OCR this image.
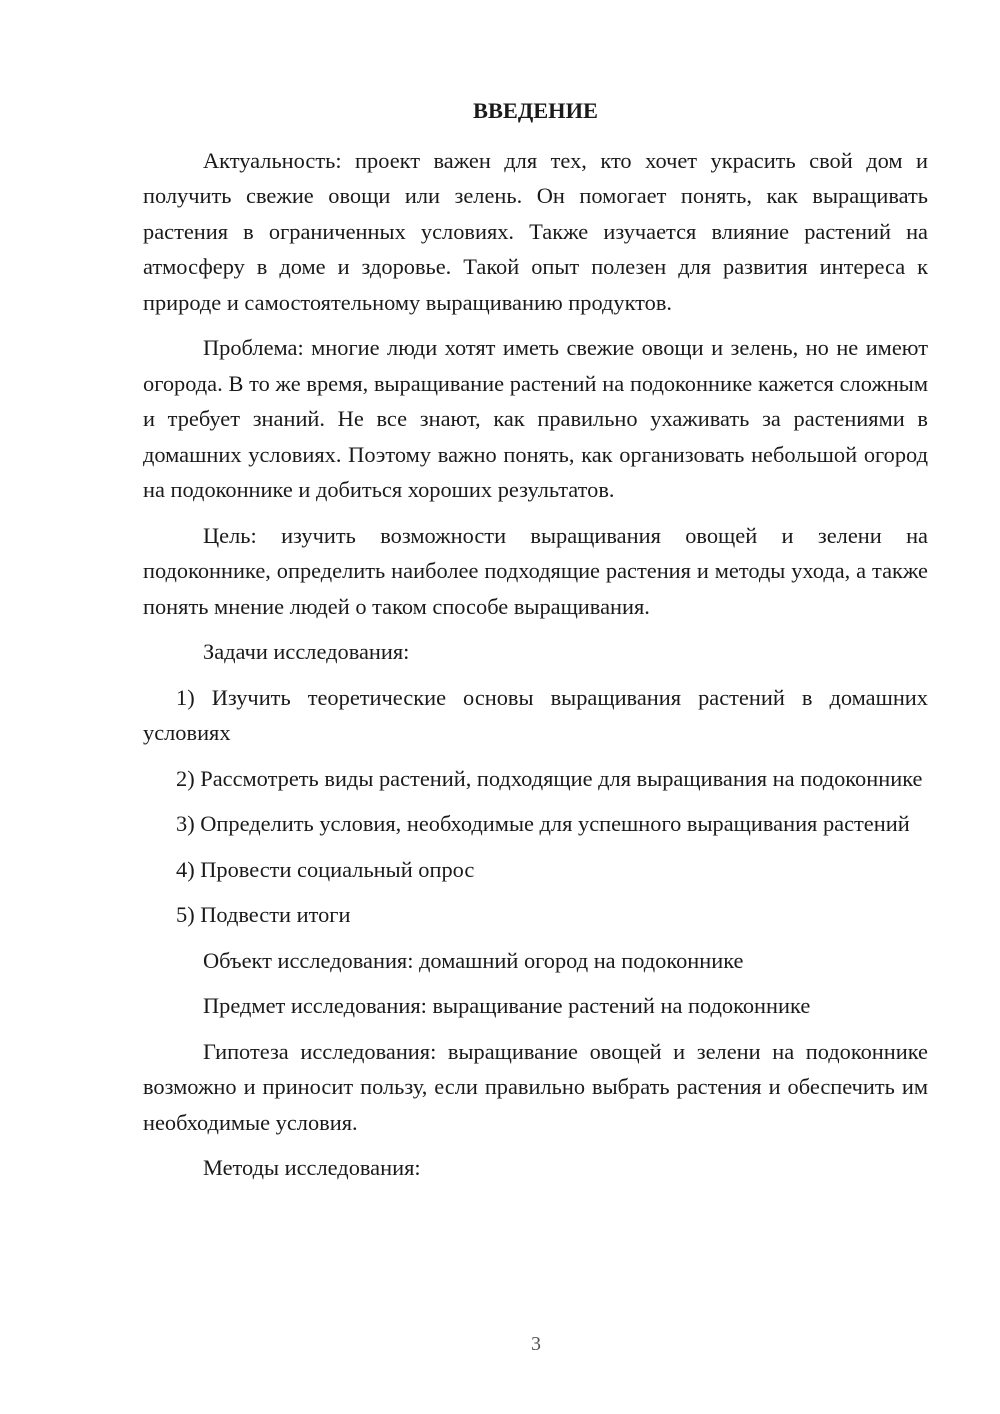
ВВЕДЕНИЕ

Актуальность: проект важен для тех, кто хочет украсить свой дом и получить свежие овощи или зелень. Он помогает понять, как выращивать растения в ограниченных условиях. Также изучается влияние растений на атмосферу в доме и здоровье. Такой опыт полезен для развития интереса к природе и самостоятельному выращиванию продуктов.

Проблема: многие люди хотят иметь свежие овощи и зелень, но не имеют огорода. В то же время, выращивание растений на подоконнике кажется сложным и требует знаний. Не все знают, как правильно ухаживать за растениями в домашних условиях. Поэтому важно понять, как организовать небольшой огород на подоконнике и добиться хороших результатов.

Цель: изучить возможности выращивания овощей и зелени на подоконнике, определить наиболее подходящие растения и методы ухода, а также понять мнение людей о таком способе выращивания.

Задачи исследования:

1) Изучить теоретические основы выращивания растений в домашних условиях

2) Рассмотреть виды растений, подходящие для выращивания на подоконнике

3) Определить условия, необходимые для успешного выращивания растений

4) Провести социальный опрос

5) Подвести итоги

Объект исследования: домашний огород на подоконнике

Предмет исследования: выращивание растений на подоконнике

Гипотеза исследования: выращивание овощей и зелени на подоконнике возможно и приносит пользу, если правильно выбрать растения и обеспечить им необходимые условия.

Методы исследования:

3
